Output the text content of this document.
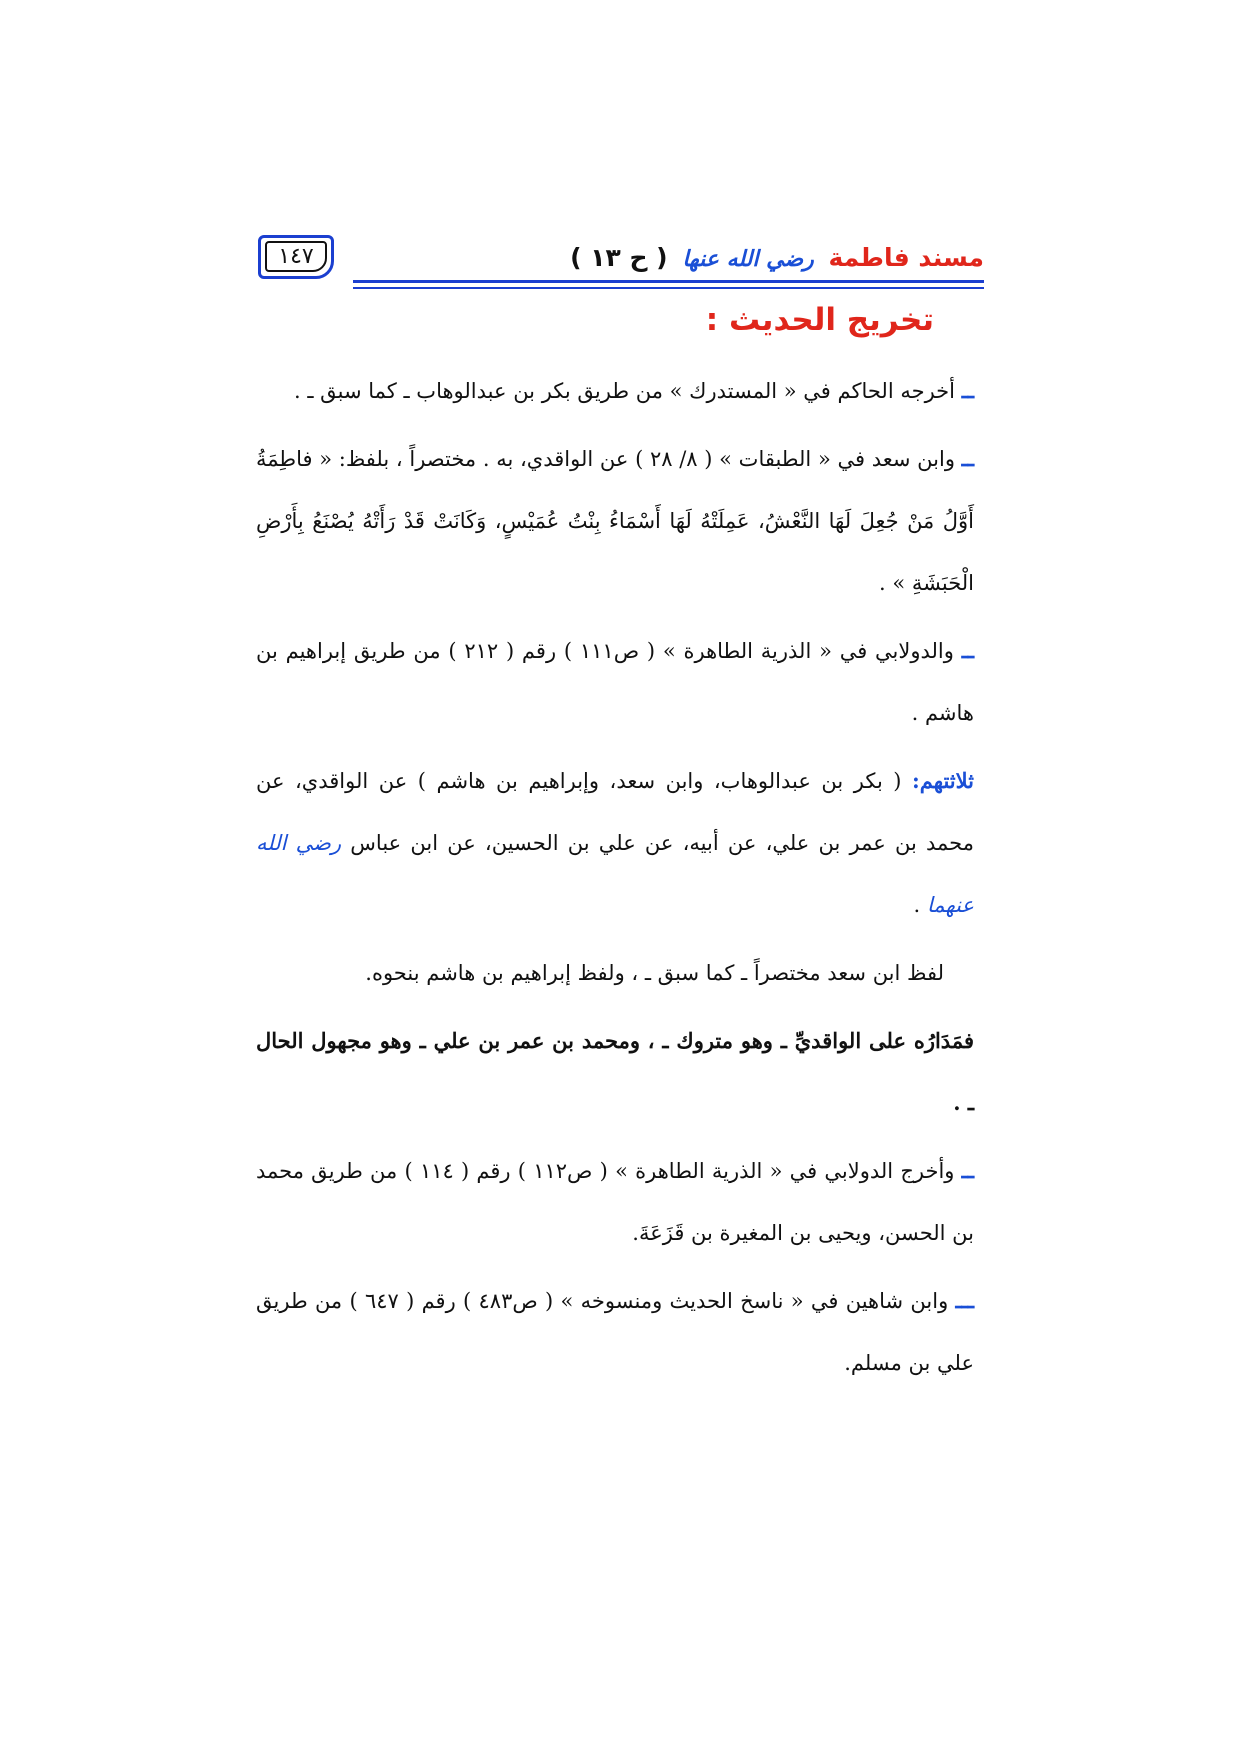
مسند فاطمة رضي الله عنها ( ح ١٣ )
١٤٧
تخريج الحديث :

ــ أخرجه الحاكم في « المستدرك » من طريق بكر بن عبدالوهاب ـ كما سبق ـ .

ــ وابن سعد في « الطبقات » ( ٨/ ٢٨ ) عن الواقدي، به . مختصراً ، بلفظ: « فاطِمَةُ أَوَّلُ مَنْ جُعِلَ لَهَا النَّعْشُ، عَمِلَتْهُ لَهَا أَسْمَاءُ بِنْتُ عُمَيْسٍ، وَكَانَتْ قَدْ رَأَتْهُ يُصْنَعُ بِأَرْضِ الْحَبَشَةِ » .

ــ والدولابي في « الذرية الطاهرة » ( ص١١١ ) رقم ( ٢١٢ ) من طريق إبراهيم بن هاشم .

ثلاثتهم: ( بكر بن عبدالوهاب، وابن سعد، وإبراهيم بن هاشم ) عن الواقدي، عن محمد بن عمر بن علي، عن أبيه، عن علي بن الحسين، عن ابن عباس رضي الله عنهما .

لفظ ابن سعد مختصراً ـ كما سبق ـ ، ولفظ إبراهيم بن هاشم بنحوه.

فمَدَارُه على الواقديِّ ـ وهو متروك ـ ، ومحمد بن عمر بن علي ـ وهو مجهول الحال ـ .

ــ وأخرج الدولابي في « الذرية الطاهرة » ( ص١١٢ ) رقم ( ١١٤ ) من طريق محمد بن الحسن، ويحيى بن المغيرة بن قَزَعَةَ.

ـــ وابن شاهين في « ناسخ الحديث ومنسوخه » ( ص٤٨٣ ) رقم ( ٦٤٧ ) من طريق علي بن مسلم.
